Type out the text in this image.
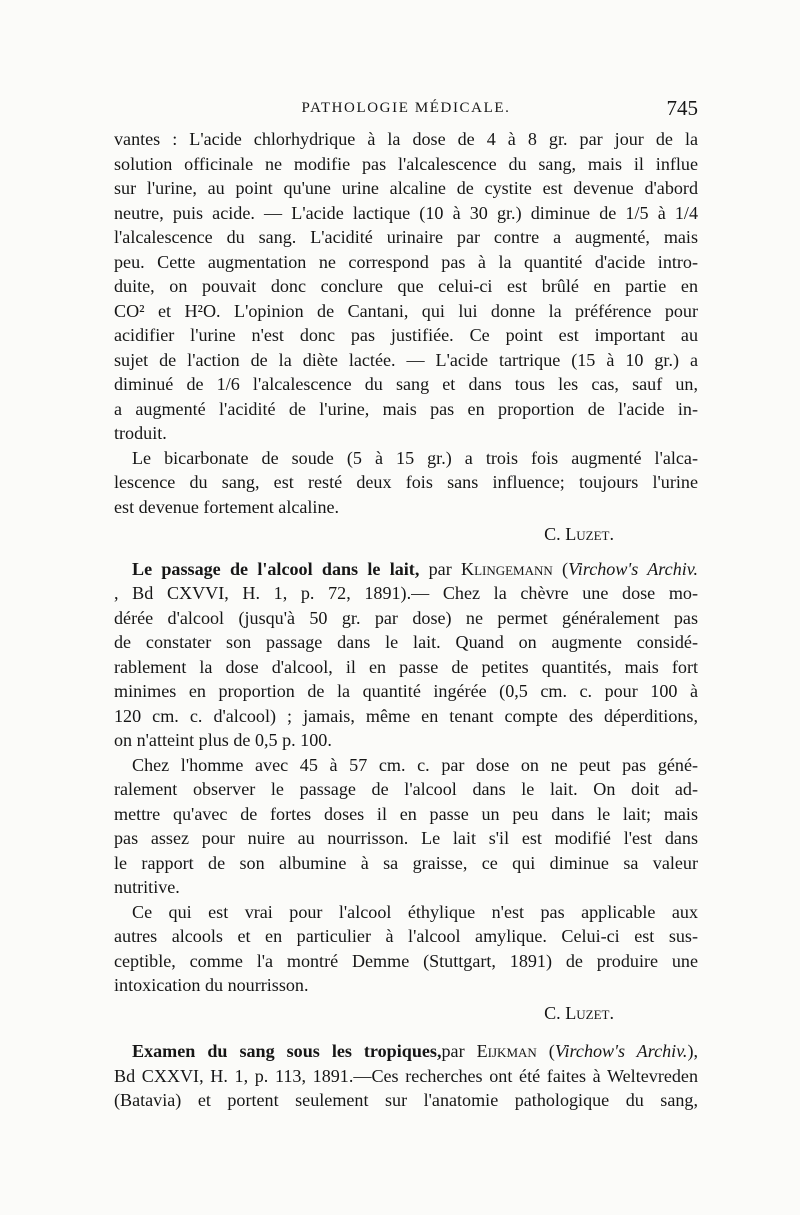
PATHOLOGIE MÉDICALE.	745
vantes : L'acide chlorhydrique à la dose de 4 à 8 gr. par jour de la
solution officinale ne modifie pas l'alcalescence du sang, mais il influe
sur l'urine, au point qu'une urine alcaline de cystite est devenue d'abord
neutre, puis acide. — L'acide lactique (10 à 30 gr.) diminue de 1/5 à 1/4
l'alcalescence du sang. L'acidité urinaire par contre a augmenté, mais
peu. Cette augmentation ne correspond pas à la quantité d'acide intro-
duite, on pouvait donc conclure que celui-ci est brûlé en partie en
CO² et H²O. L'opinion de Cantani, qui lui donne la préférence pour
acidifier l'urine n'est donc pas justifiée. Ce point est important au
sujet de l'action de la diète lactée. — L'acide tartrique (15 à 10 gr.) a
diminué de 1/6 l'alcalescence du sang et dans tous les cas, sauf un,
a augmenté l'acidité de l'urine, mais pas en proportion de l'acide in-
troduit.
Le bicarbonate de soude (5 à 15 gr.) a trois fois augmenté l'alca-
lescence du sang, est resté deux fois sans influence; toujours l'urine
est devenue fortement alcaline.
C. Luzet.
Le passage de l'alcool dans le lait, par Klingemann (Virchow's Archiv.
, Bd CXVVI, H. 1, p. 72, 1891).— Chez la chèvre une dose mo-
dérée d'alcool (jusqu'à 50 gr. par dose) ne permet généralement pas
de constater son passage dans le lait. Quand on augmente considé-
rablement la dose d'alcool, il en passe de petites quantités, mais fort
minimes en proportion de la quantité ingérée (0,5 cm. c. pour 100 à
120 cm. c. d'alcool) ; jamais, même en tenant compte des déperditions,
on n'atteint plus de 0,5 p. 100.
Chez l'homme avec 45 à 57 cm. c. par dose on ne peut pas géné-
ralement observer le passage de l'alcool dans le lait. On doit ad-
mettre qu'avec de fortes doses il en passe un peu dans le lait; mais
pas assez pour nuire au nourrisson. Le lait s'il est modifié l'est dans
le rapport de son albumine à sa graisse, ce qui diminue sa valeur
nutritive.
Ce qui est vrai pour l'alcool éthylique n'est pas applicable aux
autres alcools et en particulier à l'alcool amylique. Celui-ci est sus-
ceptible, comme l'a montré Demme (Stuttgart, 1891) de produire une
intoxication du nourrisson.
C. Luzet.
Examen du sang sous les tropiques,par Eijkman (Virchow's Archiv.),
Bd CXXVI, H. 1, p. 113, 1891.—Ces recherches ont été faites à Weltevreden
(Batavia) et portent seulement sur l'anatomie pathologique du sang,
